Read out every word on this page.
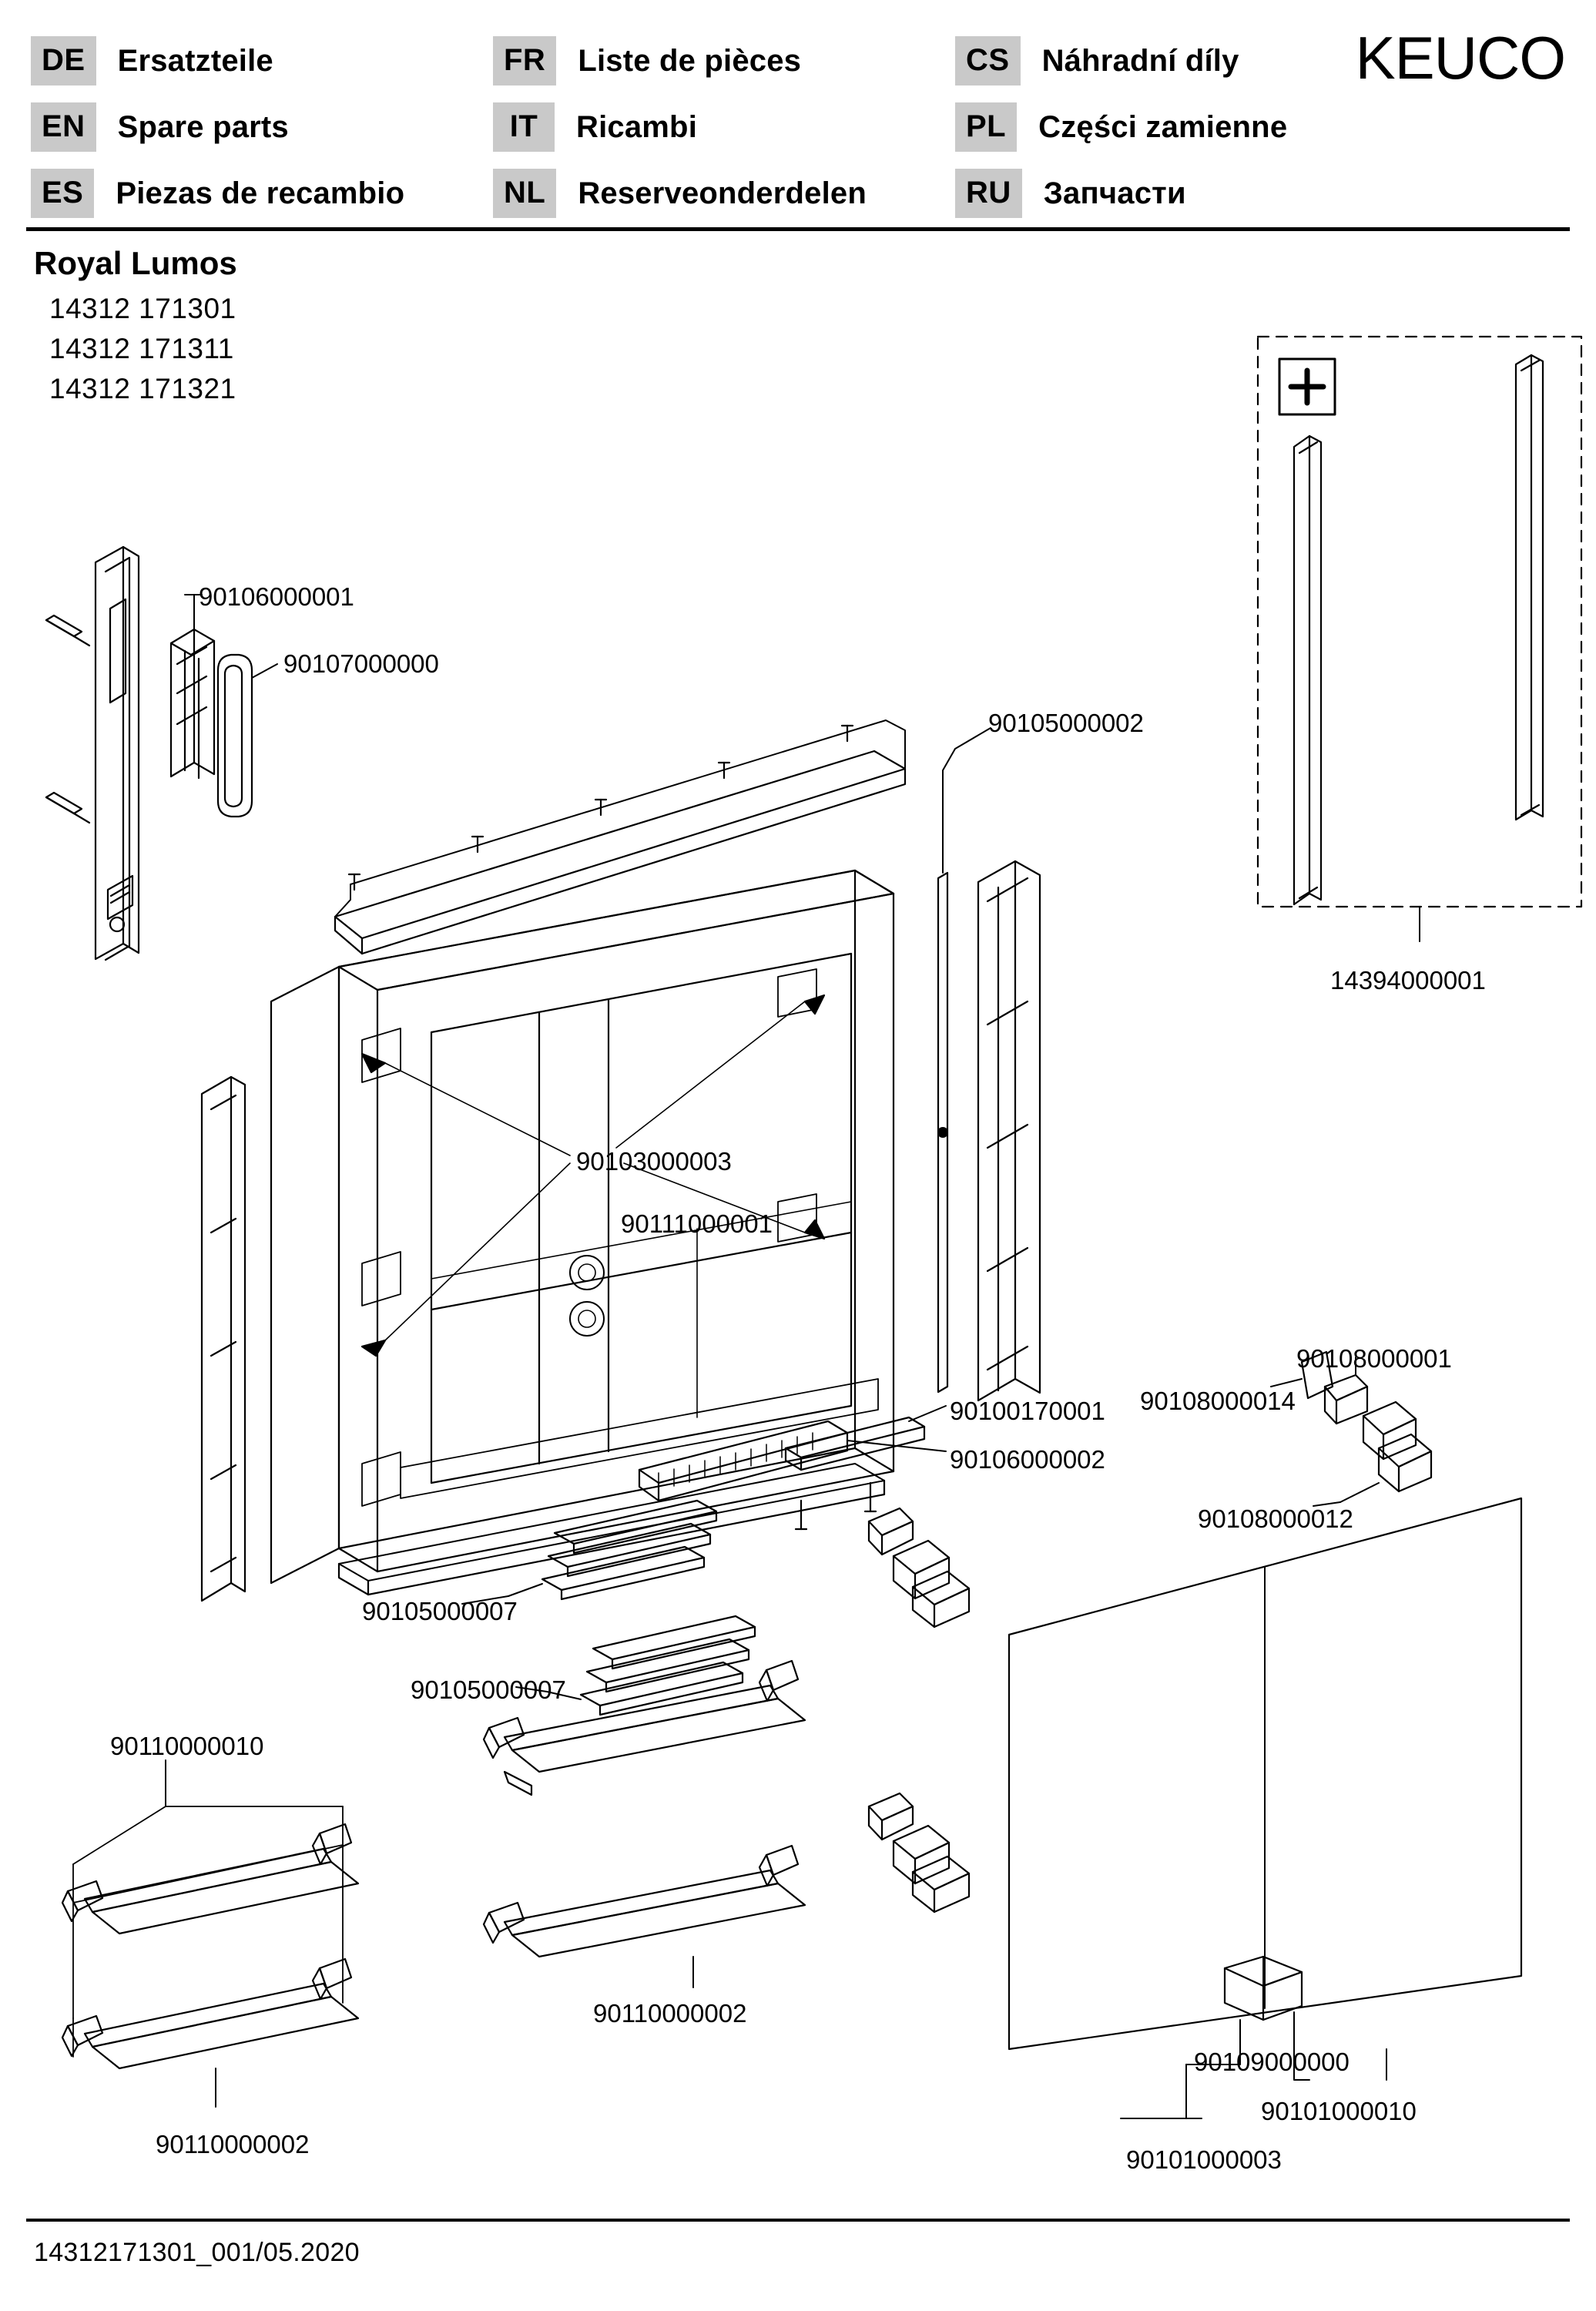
DE	Ersatzteile	FR	Liste de pièces	CS	Náhradní díly
EN	Spare parts	IT	Ricambi	PL	Części zamienne
ES	Piezas de recambio	NL	Reserveonderdelen	RU	Запчасти
KEUCO
Royal Lumos
14312 171301
14312 171311
14312 171321
90106000001
90107000000
90105000002
14394000001
90103000003
90111000001
90100170001
90106000002
90108000001
90108000014
90108000012
90105000007
90105000007
90110000010
90110000002
90110000002
90109000000
90101000010
90101000003
14312171301_001/05.2020
